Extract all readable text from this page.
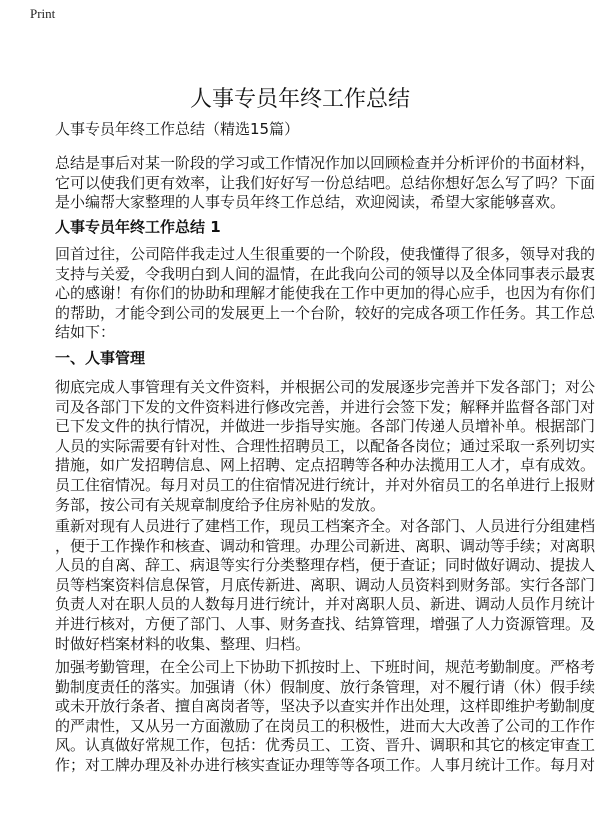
Print
人事专员年终工作总结
人事专员年终工作总结（精选15篇）
总结是事后对某一阶段的学习或工作情况作加以回顾检查并分析评价的书面材料，
它可以使我们更有效率，让我们好好写一份总结吧。总结你想好怎么写了吗？下面
是小编帮大家整理的人事专员年终工作总结，欢迎阅读，希望大家能够喜欢。
人事专员年终工作总结 1
回首过往，公司陪伴我走过人生很重要的一个阶段，使我懂得了很多，领导对我的
支持与关爱，令我明白到人间的温情，在此我向公司的领导以及全体同事表示最衷
心的感谢！有你们的协助和理解才能使我在工作中更加的得心应手，也因为有你们
的帮助，才能令到公司的发展更上一个台阶，较好的完成各项工作任务。其工作总
结如下：
一、人事管理
彻底完成人事管理有关文件资料，并根据公司的发展逐步完善并下发各部门；对公
司及各部门下发的文件资料进行修改完善，并进行会签下发；解释并监督各部门对
已下发文件的执行情况，并做进一步指导实施。各部门传递人员增补单。根据部门
人员的实际需要有针对性、合理性招聘员工，以配备各岗位；通过采取一系列切实
措施，如广发招聘信息、网上招聘、定点招聘等各种办法揽用工人才，卓有成效。
员工住宿情况。每月对员工的住宿情况进行统计，并对外宿员工的名单进行上报财
务部，按公司有关规章制度给予住房补贴的发放。
重新对现有人员进行了建档工作，现员工档案齐全。对各部门、人员进行分组建档
，便于工作操作和核查、调动和管理。办理公司新进、离职、调动等手续；对离职
人员的自离、辞工、病退等实行分类整理存档，便于查证；同时做好调动、提拔人
员等档案资料信息保管，月底传新进、离职、调动人员资料到财务部。实行各部门
负责人对在职人员的人数每月进行统计，并对离职人员、新进、调动人员作月统计
并进行核对，方便了部门、人事、财务查找、结算管理，增强了人力资源管理。及
时做好档案材料的收集、整理、归档。
加强考勤管理，在全公司上下协助下抓按时上、下班时间，规范考勤制度。严格考
勤制度责任的落实。加强请（休）假制度、放行条管理，对不履行请（休）假手续
或未开放行条者、擅自离岗者等，坚决予以查实并作出处理，这样即维护考勤制度
的严肃性，又从另一方面激励了在岗员工的积极性，进而大大改善了公司的工作作
风。认真做好常规工作，包括：优秀员工、工资、晋升、调职和其它的核定审查工
作；对工牌办理及补办进行核实查证办理等等各项工作。人事月统计工作。每月对
